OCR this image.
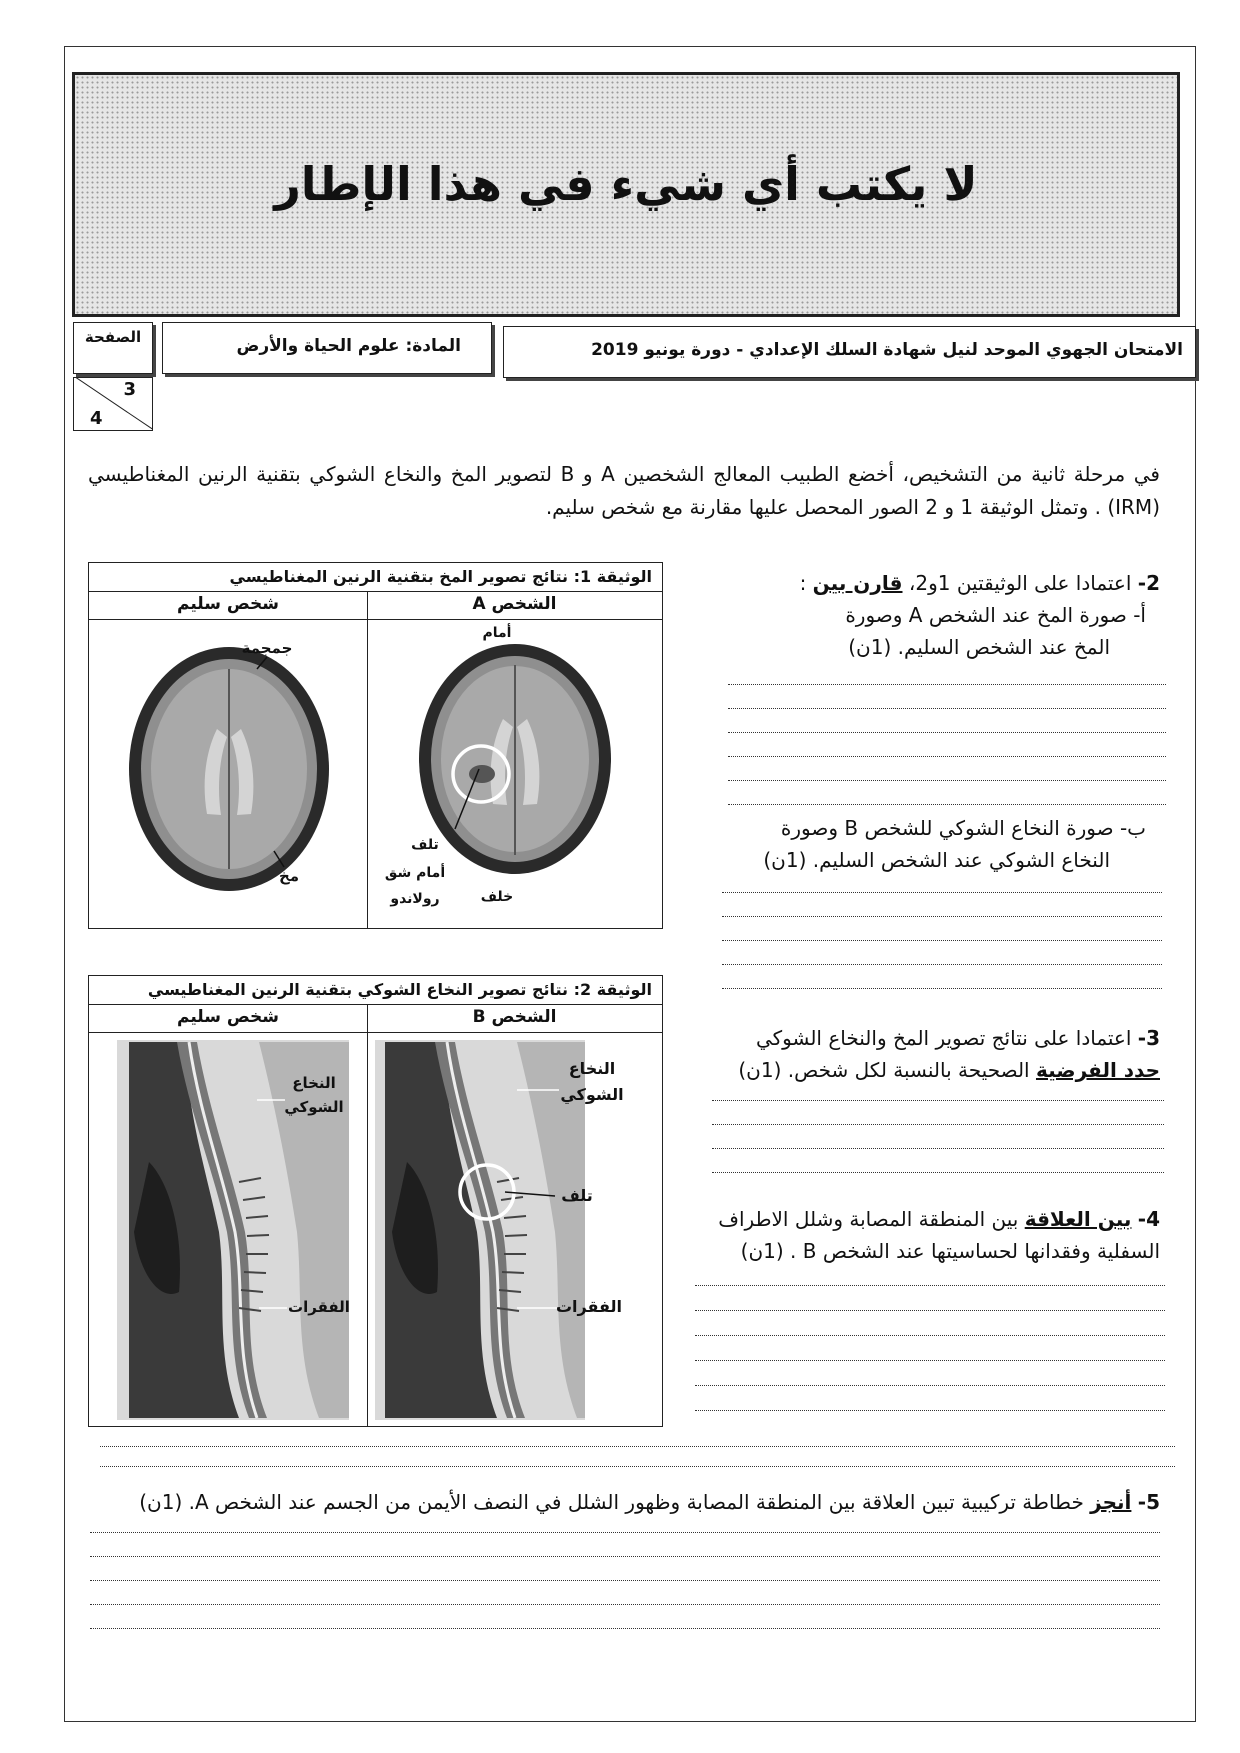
لا يكتب أي شيء في هذا الإطار
الامتحان الجهوي الموحد لنيل شهادة السلك الإعدادي - دورة يونيو 2019
المادة: علوم الحياة والأرض
الصفحة
3
4
في مرحلة ثانية من التشخيص، أخضع الطبيب المعالج الشخصين A و B لتصوير المخ والنخاع الشوكي بتقنية الرنين المغناطيسي (IRM) . وتمثل الوثيقة 1 و 2 الصور المحصل عليها مقارنة مع شخص سليم.
الوثيقة 1: نتائج تصوير المخ بتقنية الرنين المغناطيسي
الشخص A
شخص سليم
جمجمة
مخ
أمام
تلف
أمام شق
رولاندو	خلف
الوثيقة 2: نتائج تصوير النخاع الشوكي بتقنية الرنين المغناطيسي
الشخص B
شخص سليم
النخاع
الشوكي
الفقرات
النخاع
الشوكي
تلف
الفقرات
2- اعتمادا على الوثيقتين 1و2، قارن بين :
أ- صورة المخ عند الشخص A وصورة
المخ عند الشخص السليم. (1ن)
ب- صورة النخاع الشوكي للشخص B وصورة
النخاع الشوكي عند الشخص السليم. (1ن)
3- اعتمادا على نتائج تصوير المخ والنخاع الشوكي
حدد الفرضية الصحيحة بالنسبة لكل شخص. (1ن)
4- بين العلاقة بين المنطقة المصابة وشلل الاطراف
السفلية وفقدانها لحساسيتها عند الشخص B . (1ن)
5- أنجز خطاطة تركيبية تبين العلاقة بين المنطقة المصابة وظهور الشلل في النصف الأيمن من الجسم عند الشخص A. (1ن)
